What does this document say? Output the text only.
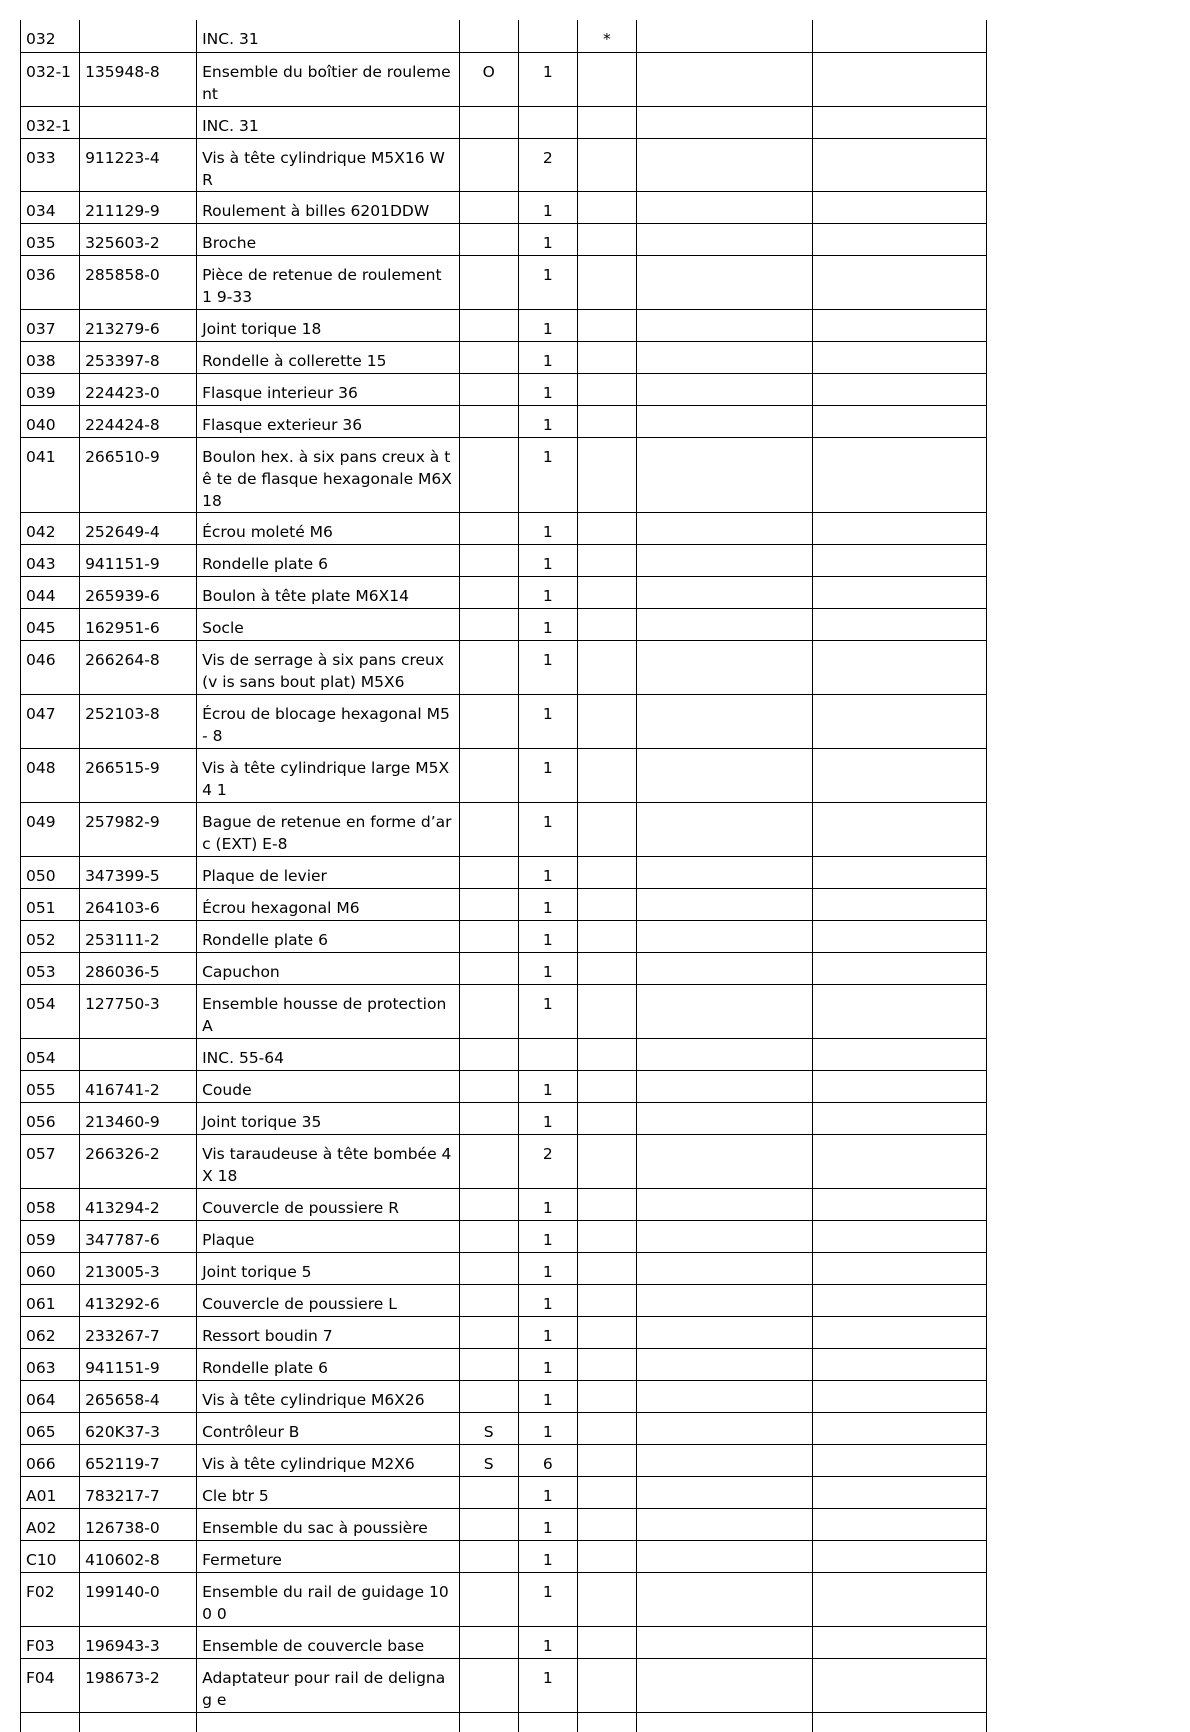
032		INC. 31			*		
032-1	135948-8	Ensemble du boîtier de rouleme nt	O	1			
032-1		INC. 31					
033	911223-4	Vis à tête cylindrique M5X16 WR		2			
034	211129-9	Roulement à billes 6201DDW		1			
035	325603-2	Broche		1			
036	285858-0	Pièce de retenue de roulement 1 9-33		1			
037	213279-6	Joint torique 18		1			
038	253397-8	Rondelle à collerette 15		1			
039	224423-0	Flasque interieur 36		1			
040	224424-8	Flasque exterieur 36		1			
041	266510-9	Boulon hex. à six pans creux à tê te de flasque hexagonale M6X18		1			
042	252649-4	Écrou moleté M6		1			
043	941151-9	Rondelle plate 6		1			
044	265939-6	Boulon à tête plate M6X14		1			
045	162951-6	Socle		1			
046	266264-8	Vis de serrage à six pans creux (v is sans bout plat) M5X6		1			
047	252103-8	Écrou de blocage hexagonal M5- 8		1			
048	266515-9	Vis à tête cylindrique large M5X4 1		1			
049	257982-9	Bague de retenue en forme d’arc (EXT) E-8		1			
050	347399-5	Plaque de levier		1			
051	264103-6	Écrou hexagonal M6		1			
052	253111-2	Rondelle plate 6		1			
053	286036-5	Capuchon		1			
054	127750-3	Ensemble housse de protection A		1			
054		INC. 55-64					
055	416741-2	Coude		1			
056	213460-9	Joint torique 35		1			
057	266326-2	Vis taraudeuse à tête bombée 4X 18		2			
058	413294-2	Couvercle de poussiere R		1			
059	347787-6	Plaque		1			
060	213005-3	Joint torique 5		1			
061	413292-6	Couvercle de poussiere L		1			
062	233267-7	Ressort boudin 7		1			
063	941151-9	Rondelle plate 6		1			
064	265658-4	Vis à tête cylindrique M6X26		1			
065	620K37-3	Contrôleur B	S	1			
066	652119-7	Vis à tête cylindrique M2X6	S	6			
A01	783217-7	Cle btr 5		1			
A02	126738-0	Ensemble du sac à poussière		1			
C10	410602-8	Fermeture		1			
F02	199140-0	Ensemble du rail de guidage 100 0		1			
F03	196943-3	Ensemble de couvercle base		1			
F04	198673-2	Adaptateur pour rail de delignag e		1			
